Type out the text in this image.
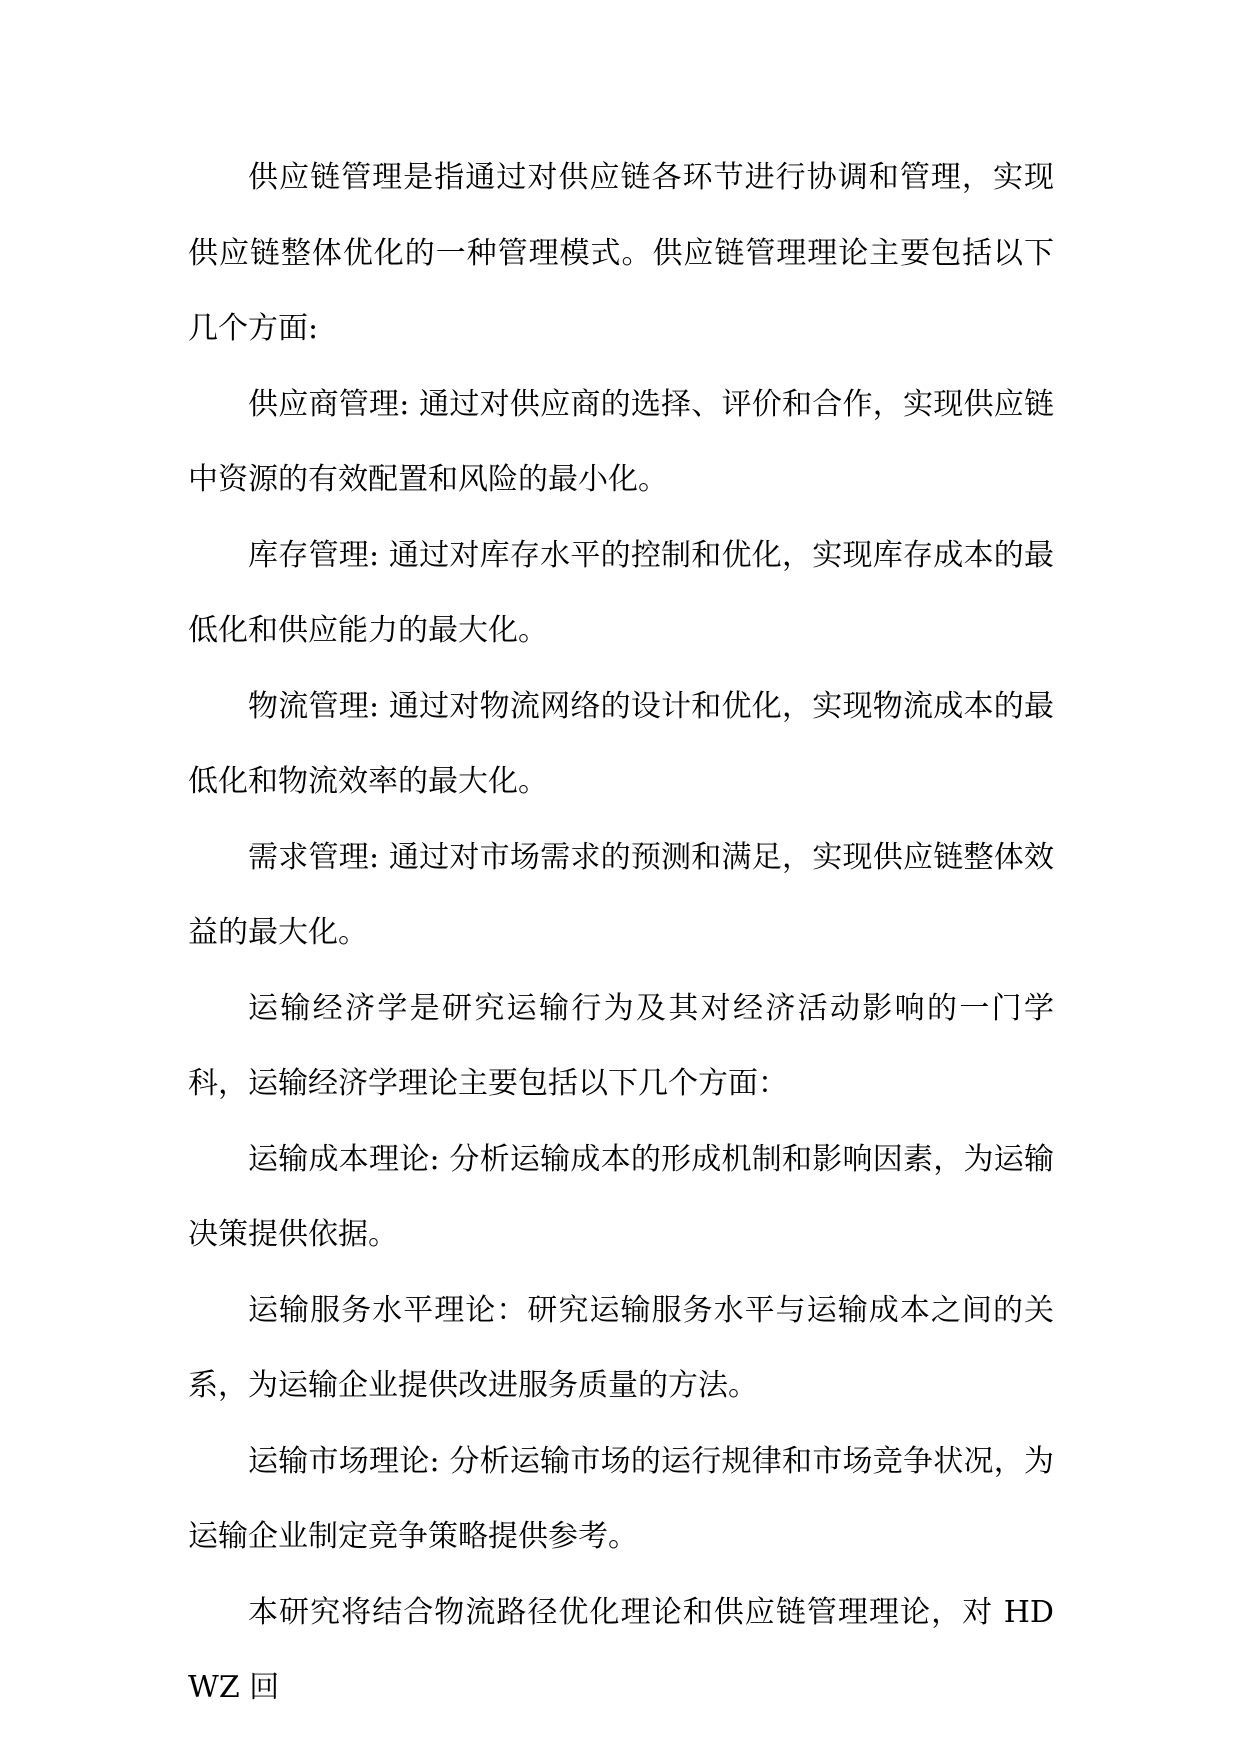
供应链管理是指通过对供应链各环节进行协调和管理，实现供应链整体优化的一种管理模式。供应链管理理论主要包括以下几个方面:

供应商管理: 通过对供应商的选择、评价和合作，实现供应链中资源的有效配置和风险的最小化。

库存管理: 通过对库存水平的控制和优化，实现库存成本的最低化和供应能力的最大化。

物流管理: 通过对物流网络的设计和优化，实现物流成本的最低化和物流效率的最大化。

需求管理: 通过对市场需求的预测和满足，实现供应链整体效益的最大化。

运输经济学是研究运输行为及其对经济活动影响的一门学科，运输经济学理论主要包括以下几个方面：

运输成本理论: 分析运输成本的形成机制和影响因素，为运输决策提供依据。

运输服务水平理论：研究运输服务水平与运输成本之间的关系，为运输企业提供改进服务质量的方法。

运输市场理论: 分析运输市场的运行规律和市场竞争状况，为运输企业制定竞争策略提供参考。

本研究将结合物流路径优化理论和供应链管理理论，对 HDWZ 回
